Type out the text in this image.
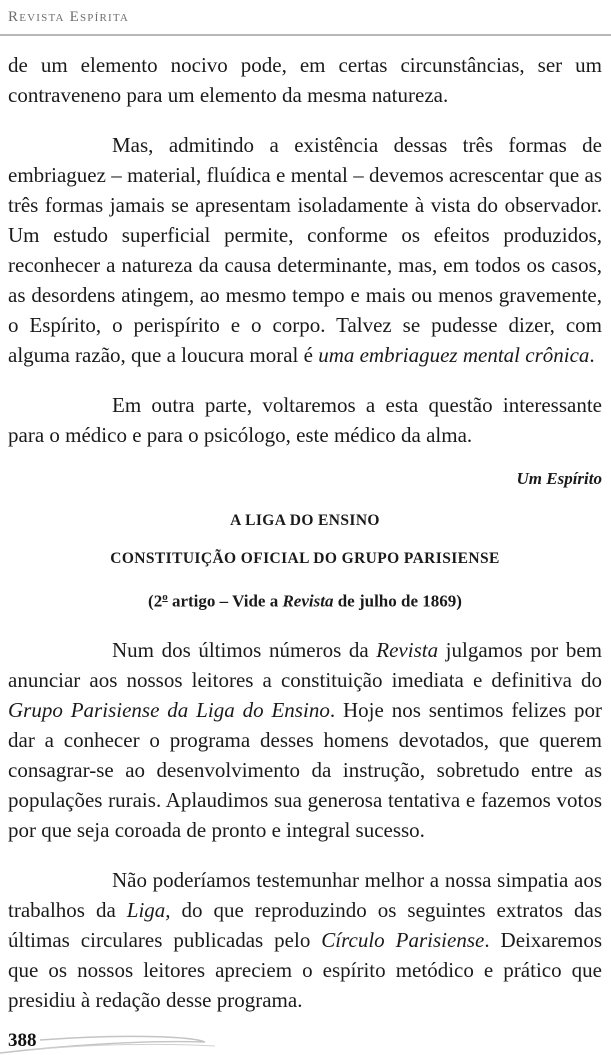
Revista Espírita

de um elemento nocivo pode, em certas circunstâncias, ser um contraveneno para um elemento da mesma natureza.

Mas, admitindo a existência dessas três formas de embriaguez – material, fluídica e mental – devemos acrescentar que as três formas jamais se apresentam isoladamente à vista do observador. Um estudo superficial permite, conforme os efeitos produzidos, reconhecer a natureza da causa determinante, mas, em todos os casos, as desordens atingem, ao mesmo tempo e mais ou menos gravemente, o Espírito, o perispírito e o corpo. Talvez se pudesse dizer, com alguma razão, que a loucura moral é uma embriaguez mental crônica.

Em outra parte, voltaremos a esta questão interessante para o médico e para o psicólogo, este médico da alma.

Um Espírito

A LIGA DO ENSINO

CONSTITUIÇÃO OFICIAL DO GRUPO PARISIENSE

(2$^o$ artigo – Vide a Revista de julho de 1869)

Num dos últimos números da Revista julgamos por bem anunciar aos nossos leitores a constituição imediata e definitiva do Grupo Parisiense da Liga do Ensino. Hoje nos sentimos felizes por dar a conhecer o programa desses homens devotados, que querem consagrar-se ao desenvolvimento da instrução, sobretudo entre as populações rurais. Aplaudimos sua generosa tentativa e fazemos votos por que seja coroada de pronto e integral sucesso.

Não poderíamos testemunhar melhor a nossa simpatia aos trabalhos da Liga, do que reproduzindo os seguintes extratos das últimas circulares publicadas pelo Círculo Parisiense. Deixaremos que os nossos leitores apreciem o espírito metódico e prático que presidiu à redação desse programa.

388
